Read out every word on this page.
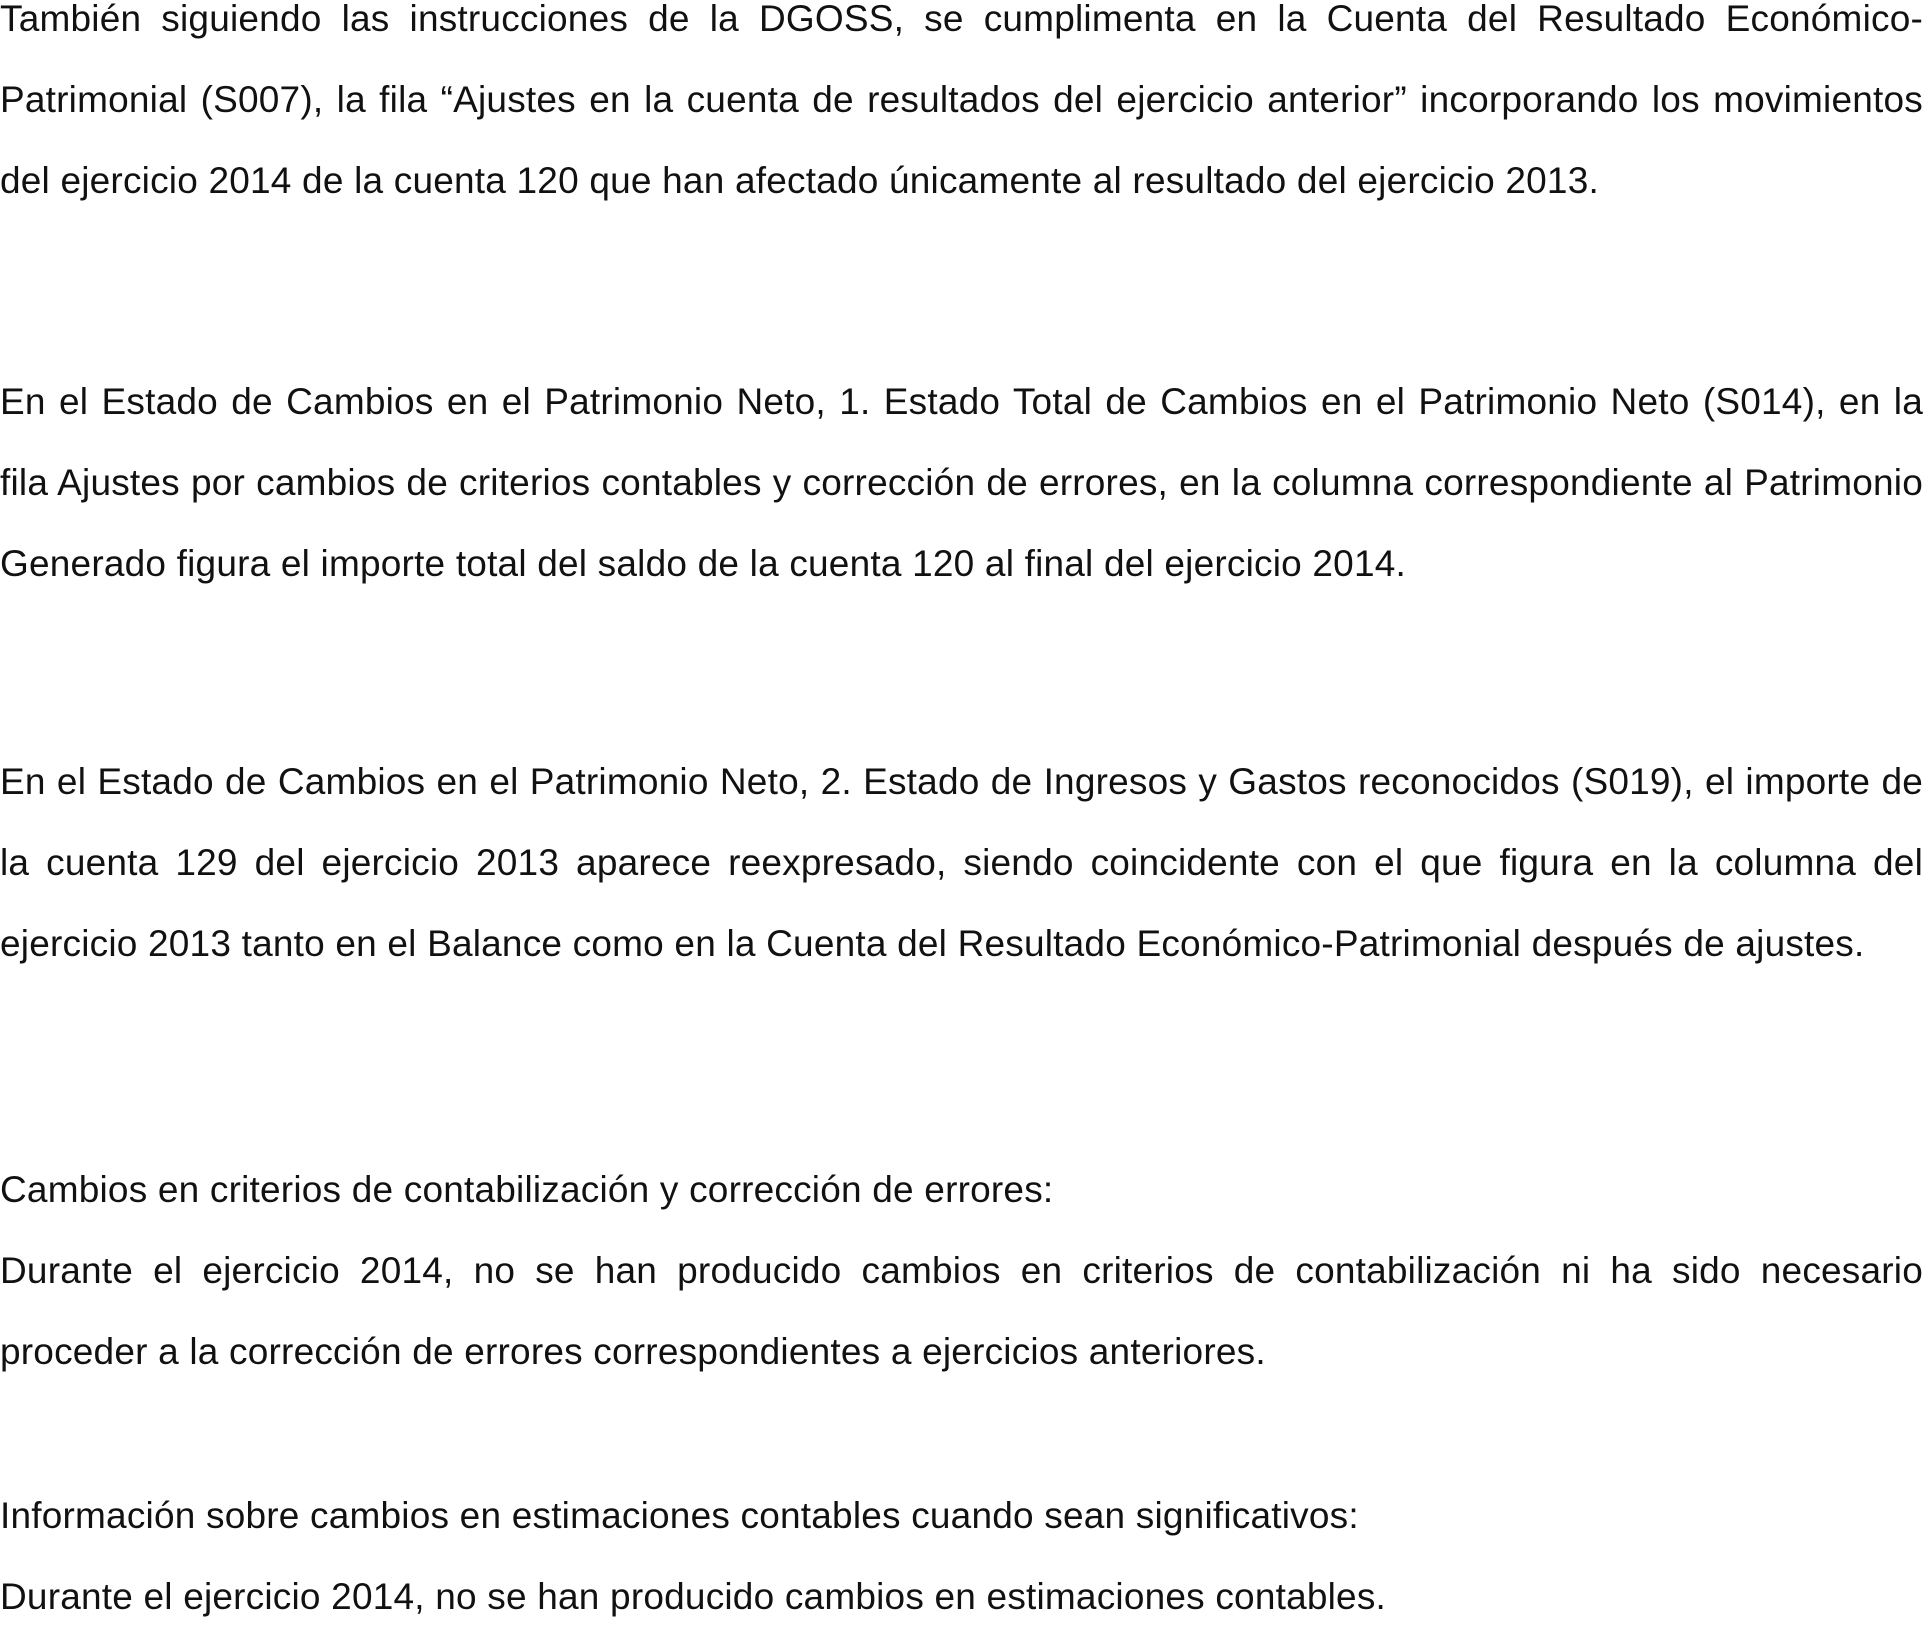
También siguiendo las instrucciones de la DGOSS, se cumplimenta en la Cuenta del Resultado Económico-Patrimonial (S007), la fila “Ajustes en la cuenta de resultados del ejercicio anterior” incorporando los movimientos del ejercicio 2014 de la cuenta 120 que han afectado únicamente al resultado del ejercicio 2013.

En el Estado de Cambios en el Patrimonio Neto, 1. Estado Total de Cambios en el Patrimonio Neto (S014), en la fila Ajustes por cambios de criterios contables y corrección de errores, en la columna correspondiente al Patrimonio Generado figura el importe total del saldo de la cuenta 120 al final del ejercicio 2014.

En el Estado de Cambios en el Patrimonio Neto, 2. Estado de Ingresos y Gastos reconocidos (S019), el importe de la cuenta 129 del ejercicio 2013 aparece reexpresado, siendo coincidente con el que figura en la columna del ejercicio 2013 tanto en el Balance como en la Cuenta del Resultado Económico-Patrimonial después de ajustes.

Cambios en criterios de contabilización y corrección de errores:

Durante el ejercicio 2014, no se han producido cambios en criterios de contabilización ni ha sido necesario proceder a la corrección de errores correspondientes a ejercicios anteriores.

Información sobre cambios en estimaciones contables cuando sean significativos:

Durante el ejercicio 2014, no se han producido cambios en estimaciones contables.
